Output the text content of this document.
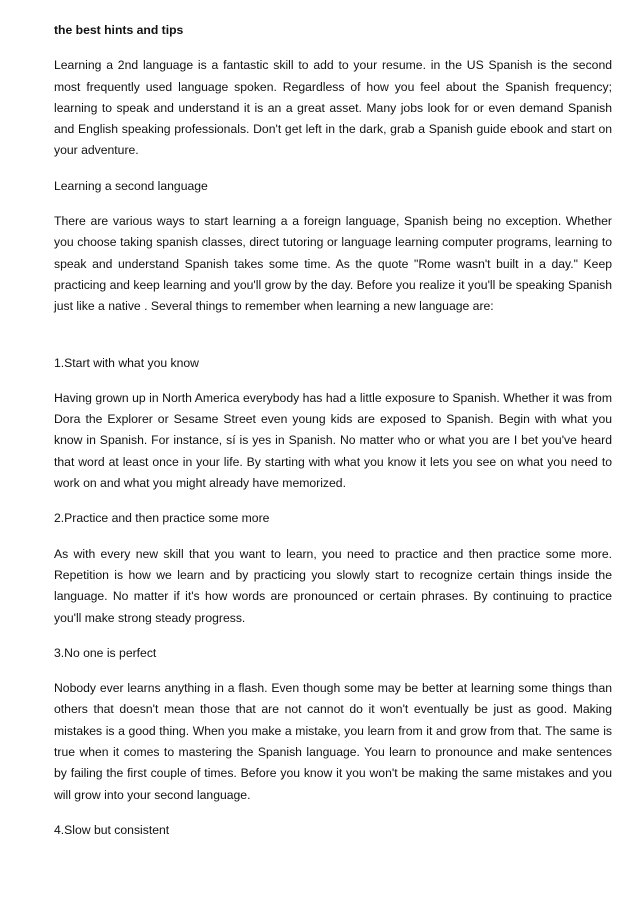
the best hints and tips

Learning a 2nd language is a fantastic skill to add to your resume. in the US Spanish is the second most frequently used language spoken. Regardless of how you feel about the Spanish frequency; learning to speak and understand it is an a great asset. Many jobs look for or even demand Spanish and English speaking professionals. Don't get left in the dark, grab a Spanish guide ebook and start on your adventure.

Learning a second language

There are various ways to start learning a a foreign language, Spanish being no exception. Whether you choose taking spanish classes, direct tutoring or language learning computer programs, learning to speak and understand Spanish takes some time. As the quote "Rome wasn't built in a day." Keep practicing and keep learning and you'll grow by the day. Before you realize it you'll be speaking Spanish just like a native . Several things to remember when learning a new language are:

1.Start with what you know

Having grown up in North America everybody has had a little exposure to Spanish. Whether it was from Dora the Explorer or Sesame Street even young kids are exposed to Spanish. Begin with what you know in Spanish. For instance, sí is yes in Spanish. No matter who or what you are I bet you've heard that word at least once in your life. By starting with what you know it lets you see on what you need to work on and what you might already have memorized.

2.Practice and then practice some more

As with every new skill that you want to learn, you need to practice and then practice some more. Repetition is how we learn and by practicing you slowly start to recognize certain things inside the language. No matter if it's how words are pronounced or certain phrases. By continuing to practice you'll make strong steady progress.

3.No one is perfect

Nobody ever learns anything in a flash. Even though some may be better at learning some things than others that doesn't mean those that are not cannot do it won't eventually be just as good. Making mistakes is a good thing. When you make a mistake, you learn from it and grow from that. The same is true when it comes to mastering the Spanish language. You learn to pronounce and make sentences by failing the first couple of times. Before you know it you won't be making the same mistakes and you will grow into your second language.

4.Slow but consistent
